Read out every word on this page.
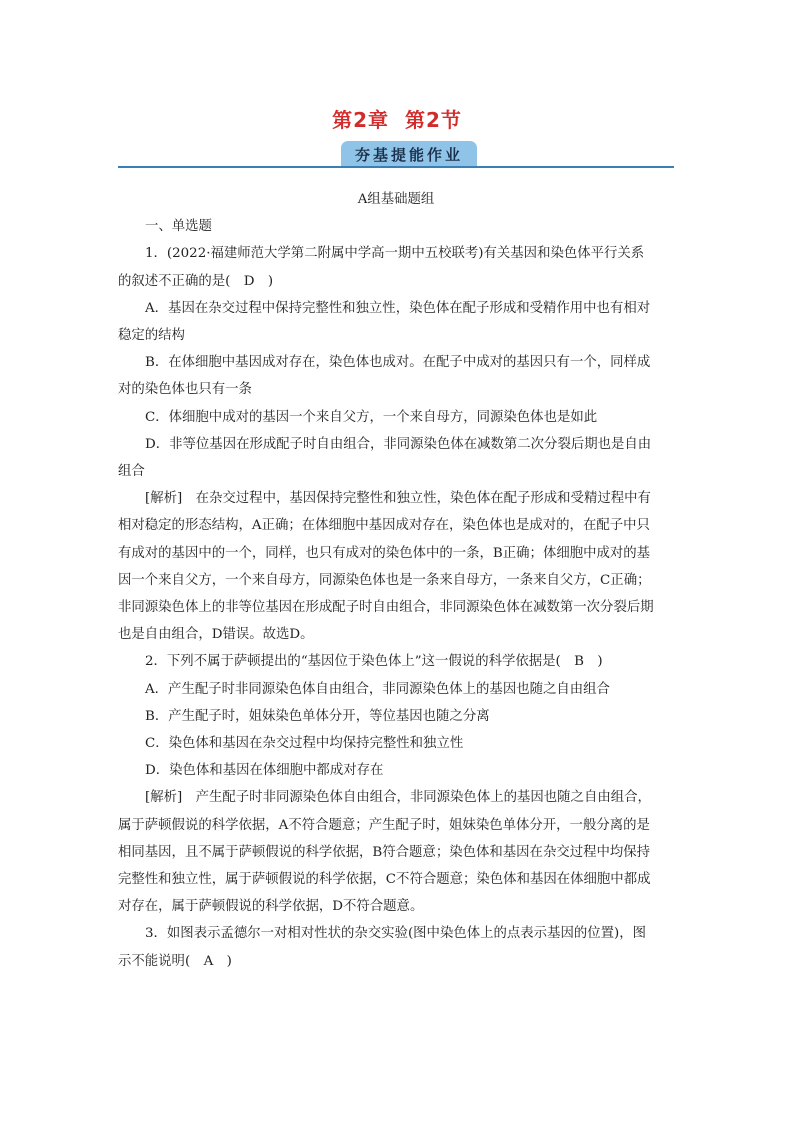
第2章 第2节
夯基提能作业

A组基础题组

一、单选题

1．(2022·福建师范大学第二附属中学高一期中五校联考)有关基因和染色体平行关系

的叙述不正确的是(　D　)

A．基因在杂交过程中保持完整性和独立性，染色体在配子形成和受精作用中也有相对

稳定的结构

B．在体细胞中基因成对存在，染色体也成对。在配子中成对的基因只有一个，同样成

对的染色体也只有一条

C．体细胞中成对的基因一个来自父方，一个来自母方，同源染色体也是如此

D．非等位基因在形成配子时自由组合，非同源染色体在减数第二次分裂后期也是自由

组合

[解析]　在杂交过程中，基因保持完整性和独立性，染色体在配子形成和受精过程中有

相对稳定的形态结构，A正确；在体细胞中基因成对存在，染色体也是成对的，在配子中只

有成对的基因中的一个，同样，也只有成对的染色体中的一条，B正确；体细胞中成对的基

因一个来自父方，一个来自母方，同源染色体也是一条来自母方，一条来自父方，C正确；

非同源染色体上的非等位基因在形成配子时自由组合，非同源染色体在减数第一次分裂后期

也是自由组合，D错误。故选D。

2．下列不属于萨顿提出的“基因位于染色体上”这一假说的科学依据是(　B　)

A．产生配子时非同源染色体自由组合，非同源染色体上的基因也随之自由组合

B．产生配子时，姐妹染色单体分开，等位基因也随之分离

C．染色体和基因在杂交过程中均保持完整性和独立性

D．染色体和基因在体细胞中都成对存在

[解析]　产生配子时非同源染色体自由组合，非同源染色体上的基因也随之自由组合，

属于萨顿假说的科学依据，A不符合题意；产生配子时，姐妹染色单体分开，一般分离的是

相同基因，且不属于萨顿假说的科学依据，B符合题意；染色体和基因在杂交过程中均保持

完整性和独立性，属于萨顿假说的科学依据，C不符合题意；染色体和基因在体细胞中都成

对存在，属于萨顿假说的科学依据，D不符合题意。

3．如图表示孟德尔一对相对性状的杂交实验(图中染色体上的点表示基因的位置)，图

示不能说明(　A　)
